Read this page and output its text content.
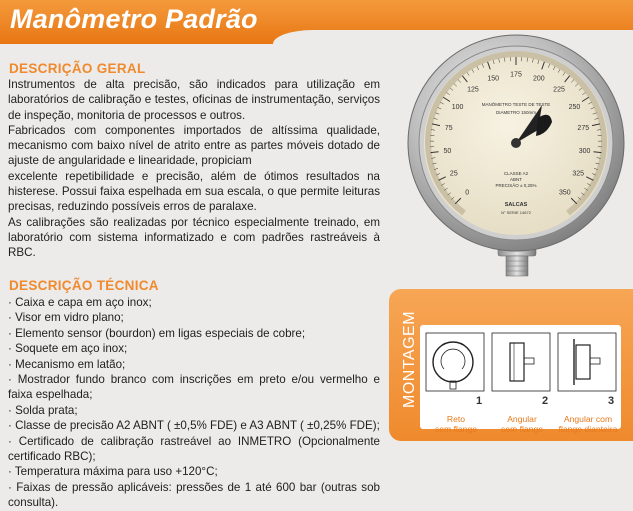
Manômetro Padrão
DESCRIÇÃO GERAL

Instrumentos de alta precisão, são indicados para utilização em laboratórios de calibração e testes, oficinas de instrumentação, serviços de inspeção, monitoria de processos e outros.

Fabricados com componentes importados de altíssima qualidade, mecanismo com baixo nível de atrito entre as partes móveis dotado de ajuste de angularidade e linearidade, propiciam

excelente repetibilidade e precisão, além de ótimos resultados na histerese. Possui faixa espelhada em sua escala, o que permite leituras precisas, reduzindo possíveis erros de paralaxe.

As calibrações são realizadas por técnico especialmente treinado, em laboratório com sistema informatizado e com padrões rastreáveis à RBC.

DESCRIÇÃO TÉCNICA
· Caixa e capa em aço inox;
· Visor em vidro plano;
· Elemento sensor (bourdon) em ligas especiais de cobre;
· Soquete em aço inox;
· Mecanismo em latão;
· Mostrador fundo branco com inscrições em preto e/ou vermelho e faixa espelhada;
· Solda prata;
· Classe de precisão A2 ABNT ( ±0,5% FDE) e A3 ABNT ( ±0,25% FDE);
· Certificado de calibração rastreável ao INMETRO (Opcionalmente certificado RBC);
· Temperatura máxima para uso +120°C;
· Faixas de pressão aplicáveis: pressões de 1 até 600 bar (outras sob consulta).
0
25
50
75
100
125
150
175
200
225
250
275
300
325
350
MANÔMETRO TESTE DE TESTE
DIAMETRO 150mm
CLASSE A2
ABNT
PRECISÃO ± 0,25%
SALCAS
N° SERIE 14672
MONTAGEM	1
Reto
sem flange
2
Angular
sem flange
3
Angular com
flange dianteira
